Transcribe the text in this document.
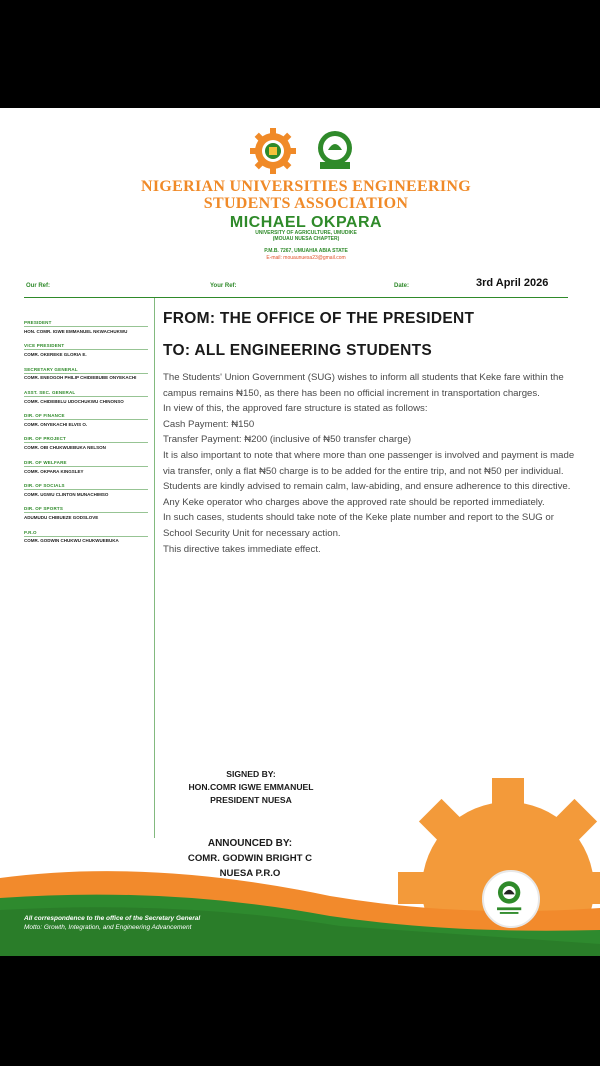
NIGERIAN UNIVERSITIES ENGINEERING
STUDENTS ASSOCIATION
MICHAEL OKPARA
UNIVERSITY OF AGRICULTURE, UMUDIKE
(MOUAU NUESA CHAPTER)
P.M.B. 7267, UMUAHIA ABIA STATE
E-mail: mouaunuesa23@gmail.com
Our Ref:	Your Ref:	Date:	3rd April 2026
PRESIDENT
HON. COMR. IGWE EMMANUEL NKWACHUKWU
VICE PRESIDENT
COMR. OKEREKE GLORIA E.
SECRETARY GENERAL
COMR. ENEOGOH PHILIP CHIDIEBUBE ONYEKACHI
ASST. SEC. GENERAL
COMR. CHIDEBELU UDOCHUKWU CHINONSO
DIR. OF FINANCE
COMR. ONYEKACHI ELVIS O.
DIR. OF PROJECT
COMR. OBI CHUKWUEBUKA NELSON
DIR. OF WELFARE
COMR. OKPARA KINGSLEY
DIR. OF SOCIALS
COMR. UGWU CLINTON MUNACHIMSO
DIR. OF SPORTS
ADUMUDU CHIBUEZE GODSLOVE
P.R.O
COMR. GODWIN CHUKWU CHUKWUEBUKA
FROM: THE OFFICE OF THE PRESIDENT
TO: ALL ENGINEERING STUDENTS

The Students' Union Government (SUG) wishes to inform all students that Keke fare within the campus remains ₦150, as there has been no official increment in transportation charges.

In view of this, the approved fare structure is stated as follows:

Cash Payment: ₦150

Transfer Payment: ₦200 (inclusive of ₦50 transfer charge)

It is also important to note that where more than one passenger is involved and payment is made via transfer, only a flat ₦50 charge is to be added for the entire trip, and not ₦50 per individual.

Students are kindly advised to remain calm, law-abiding, and ensure adherence to this directive. Any Keke operator who charges above the approved rate should be reported immediately.

In such cases, students should take note of the Keke plate number and report to the SUG or School Security Unit for necessary action.

This directive takes immediate effect.

SIGNED BY:
HON.COMR IGWE EMMANUEL
PRESIDENT NUESA
ANNOUNCED BY:
COMR. GODWIN BRIGHT C
NUESA P.R.O
All correspondence to the office of the Secretary General
Motto: Growth, Integration, and Engineering Advancement
